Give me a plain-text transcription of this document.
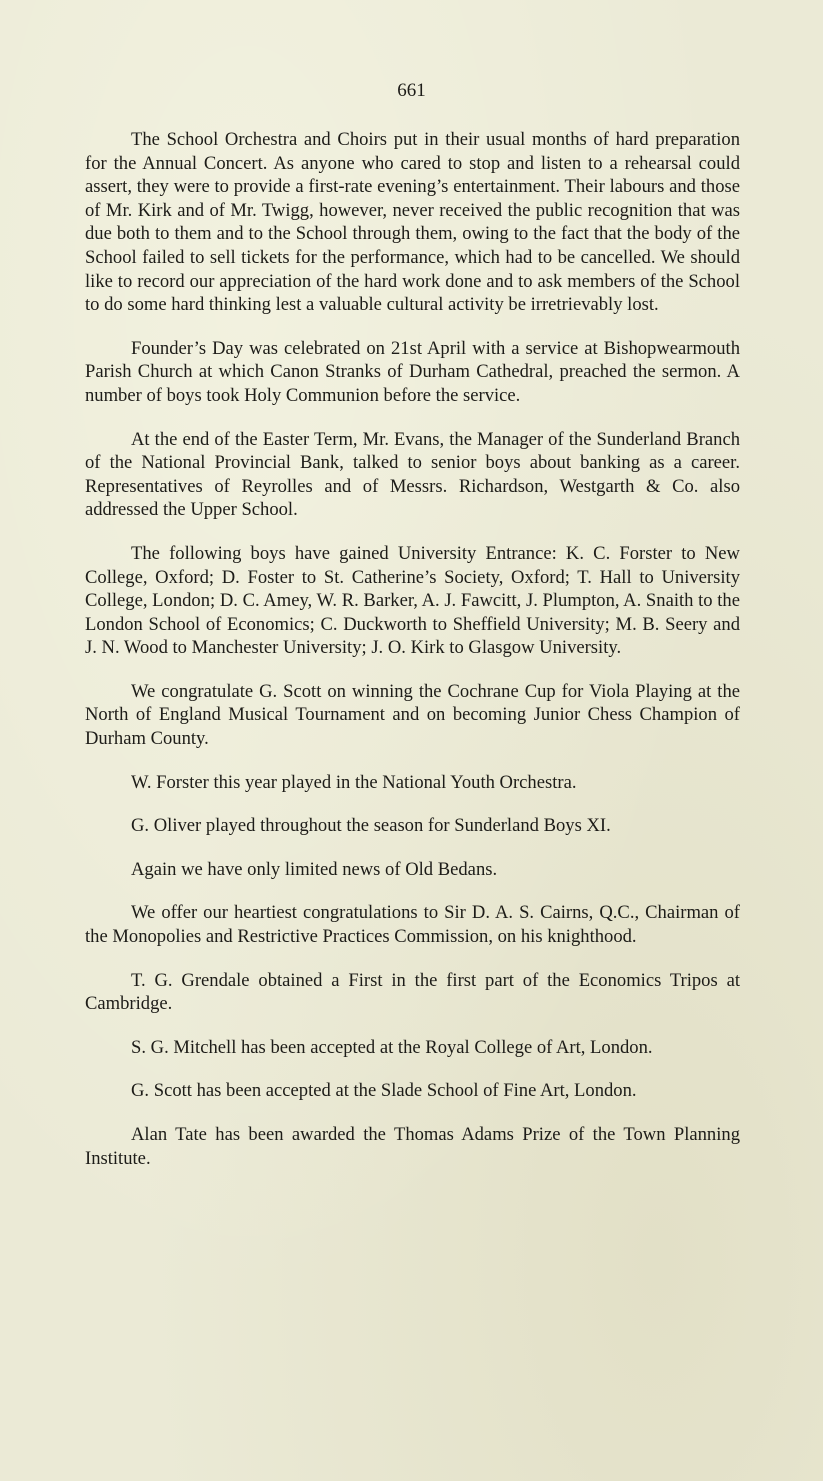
661

The School Orchestra and Choirs put in their usual months of hard preparation for the Annual Concert. As anyone who cared to stop and listen to a rehearsal could assert, they were to provide a first-rate evening’s entertainment. Their labours and those of Mr. Kirk and of Mr. Twigg, however, never received the public recognition that was due both to them and to the School through them, owing to the fact that the body of the School failed to sell tickets for the performance, which had to be cancelled. We should like to record our appreciation of the hard work done and to ask members of the School to do some hard thinking lest a valuable cultural activity be irretrievably lost.

Founder’s Day was celebrated on 21st April with a service at Bishopwearmouth Parish Church at which Canon Stranks of Durham Cathedral, preached the sermon. A number of boys took Holy Communion before the service.

At the end of the Easter Term, Mr. Evans, the Manager of the Sunderland Branch of the National Provincial Bank, talked to senior boys about banking as a career. Representatives of Reyrolles and of Messrs. Richardson, Westgarth & Co. also addressed the Upper School.

The following boys have gained University Entrance: K. C. Forster to New College, Oxford; D. Foster to St. Catherine’s Society, Oxford; T. Hall to University College, London; D. C. Amey, W. R. Barker, A. J. Fawcitt, J. Plumpton, A. Snaith to the London School of Economics; C. Duckworth to Sheffield University; M. B. Seery and J. N. Wood to Manchester University; J. O. Kirk to Glasgow University.

We congratulate G. Scott on winning the Cochrane Cup for Viola Playing at the North of England Musical Tournament and on becoming Junior Chess Champion of Durham County.

W. Forster this year played in the National Youth Orchestra.

G. Oliver played throughout the season for Sunderland Boys XI.

Again we have only limited news of Old Bedans.

We offer our heartiest congratulations to Sir D. A. S. Cairns, Q.C., Chairman of the Monopolies and Restrictive Practices Commission, on his knighthood.

T. G. Grendale obtained a First in the first part of the Economics Tripos at Cambridge.

S. G. Mitchell has been accepted at the Royal College of Art, London.

G. Scott has been accepted at the Slade School of Fine Art, London.

Alan Tate has been awarded the Thomas Adams Prize of the Town Planning Institute.
